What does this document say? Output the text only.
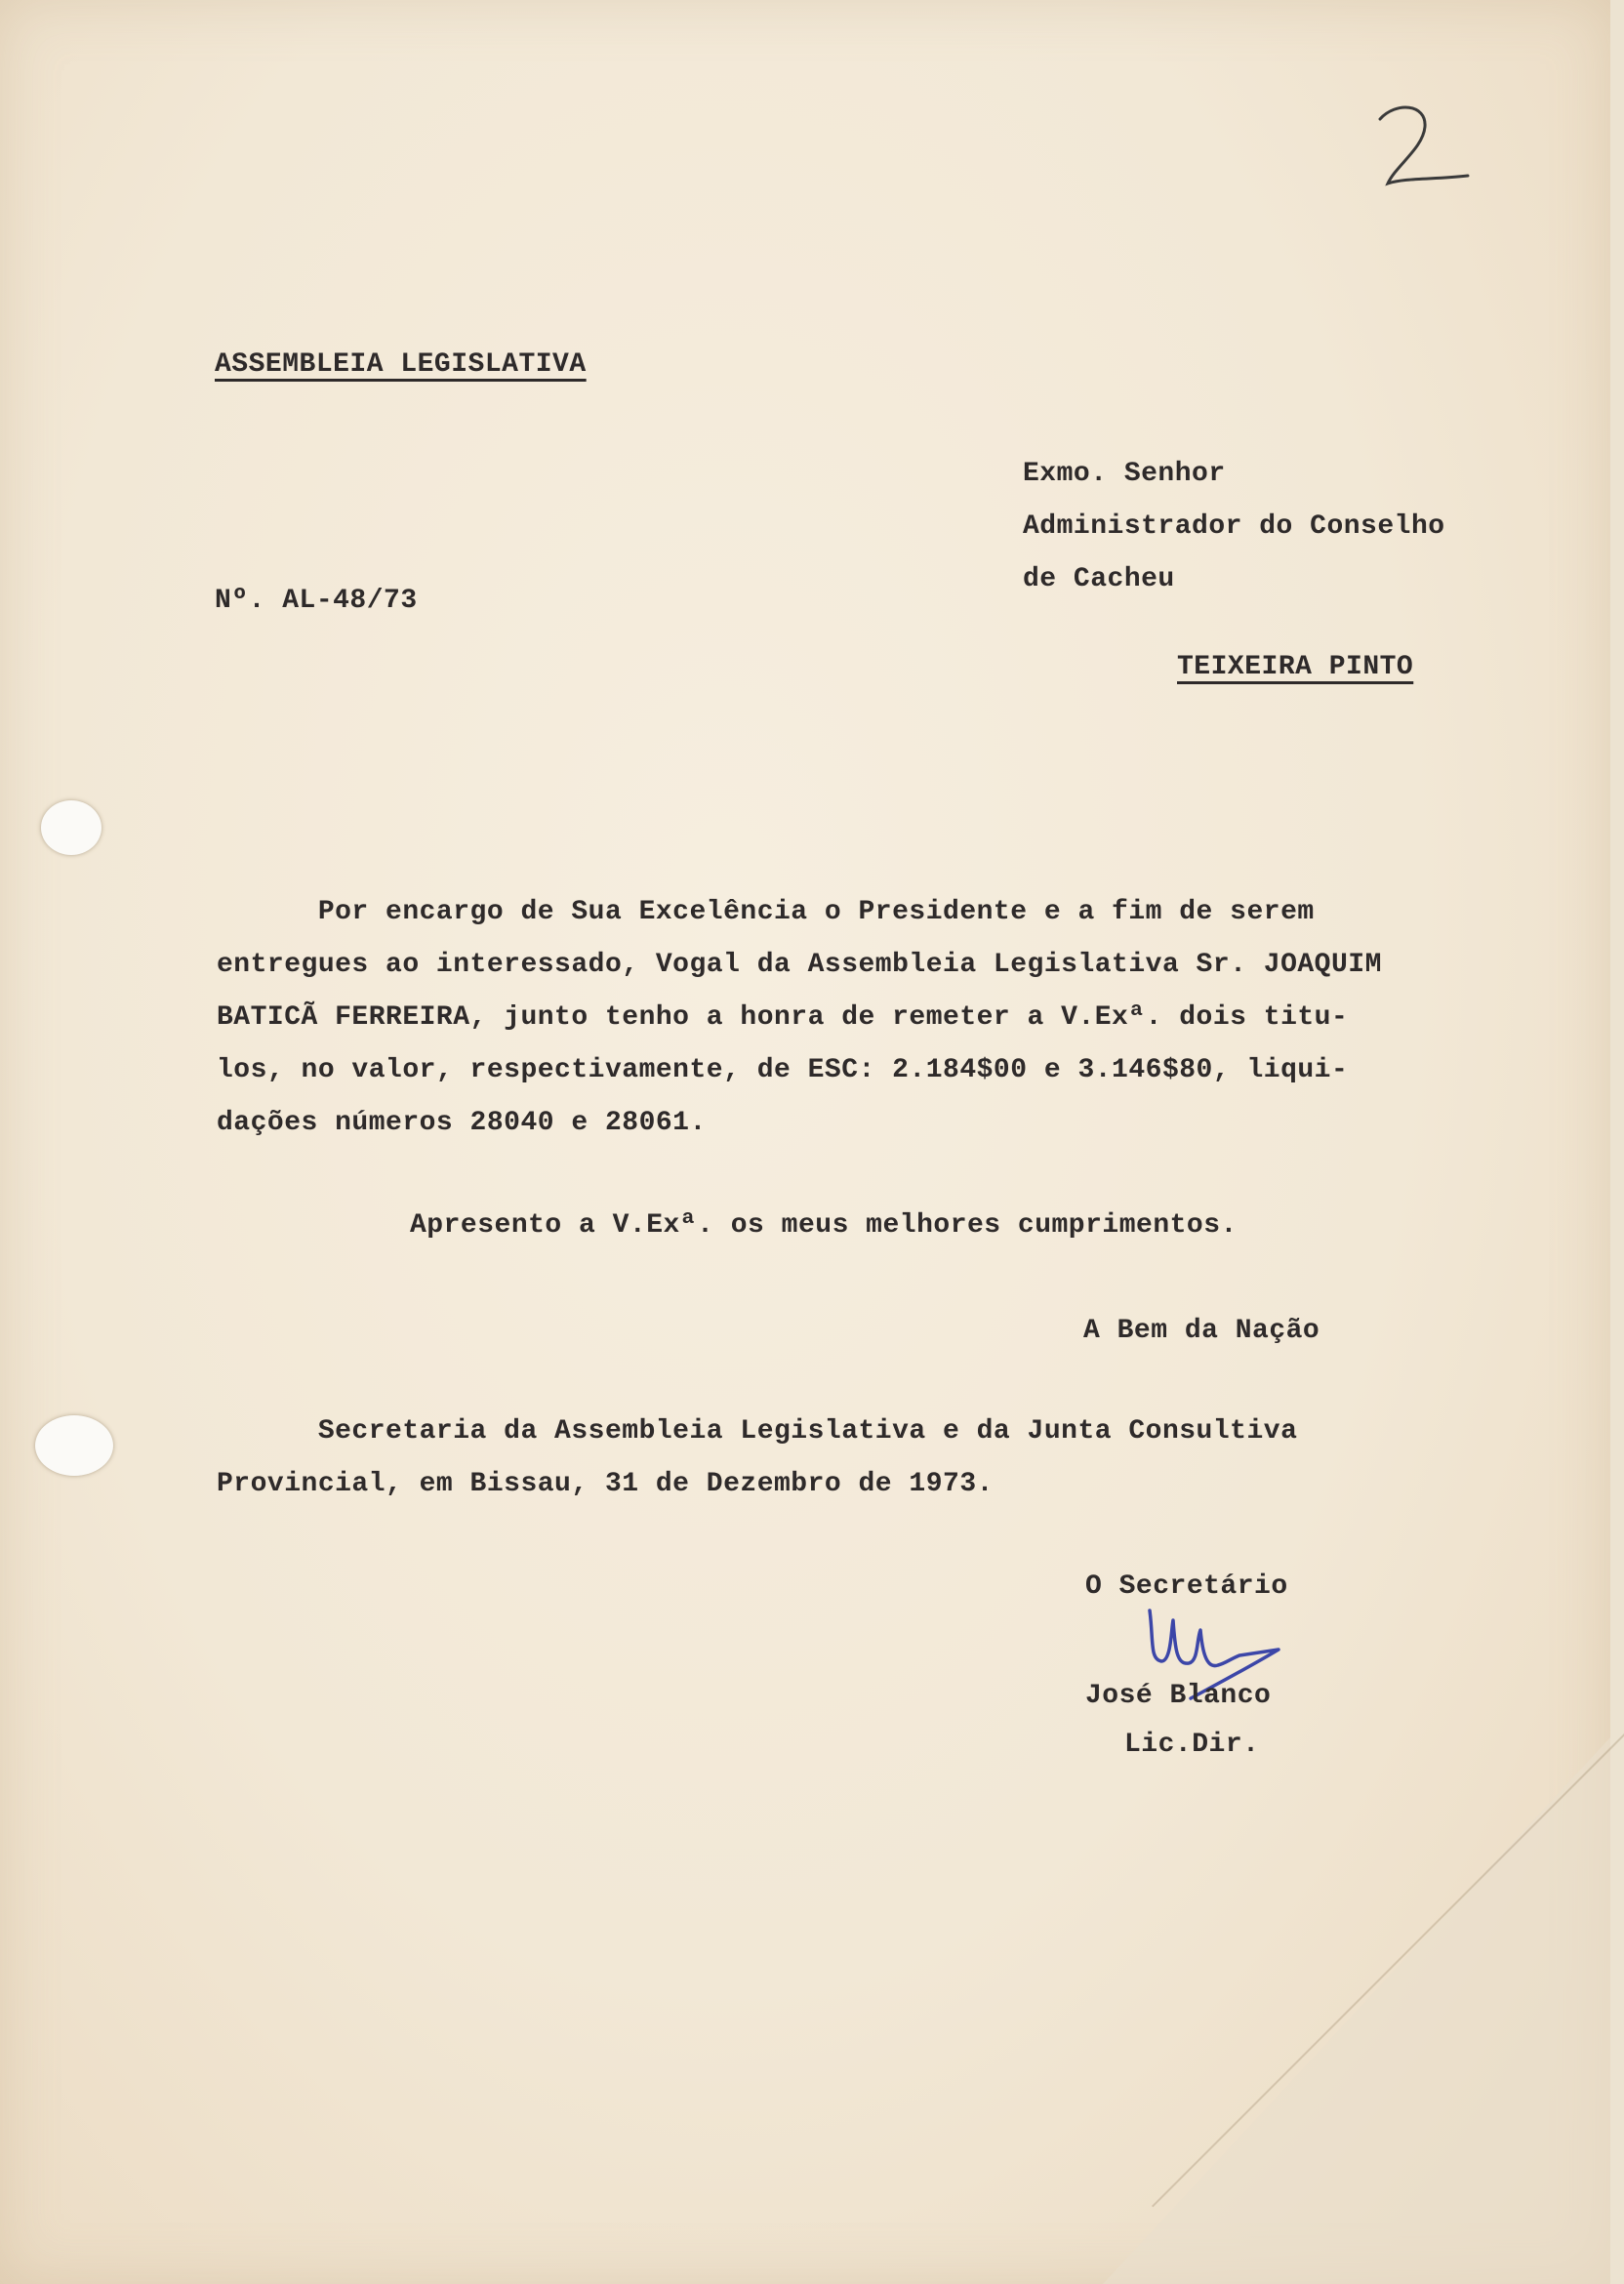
ASSEMBLEIA LEGISLATIVA

Exmo. Senhor

Administrador do Conselho

de Cacheu

Nº. AL-48/73

TEIXEIRA PINTO

Por encargo de Sua Excelência o Presidente e a fim de serem
entregues ao interessado, Vogal da Assembleia Legislativa Sr. JOAQUIM
BATICÃ FERREIRA, junto tenho a honra de remeter a V.Exª. dois titu-
los, no valor, respectivamente, de ESC: 2.184$00 e 3.146$80, liqui-
dações números 28040 e 28061.

Apresento a V.Exª. os meus melhores cumprimentos.

A Bem da Nação

Secretaria da Assembleia Legislativa e da Junta Consultiva
Provincial, em Bissau, 31 de Dezembro de 1973.

O Secretário

José Blanco

Lic.Dir.
